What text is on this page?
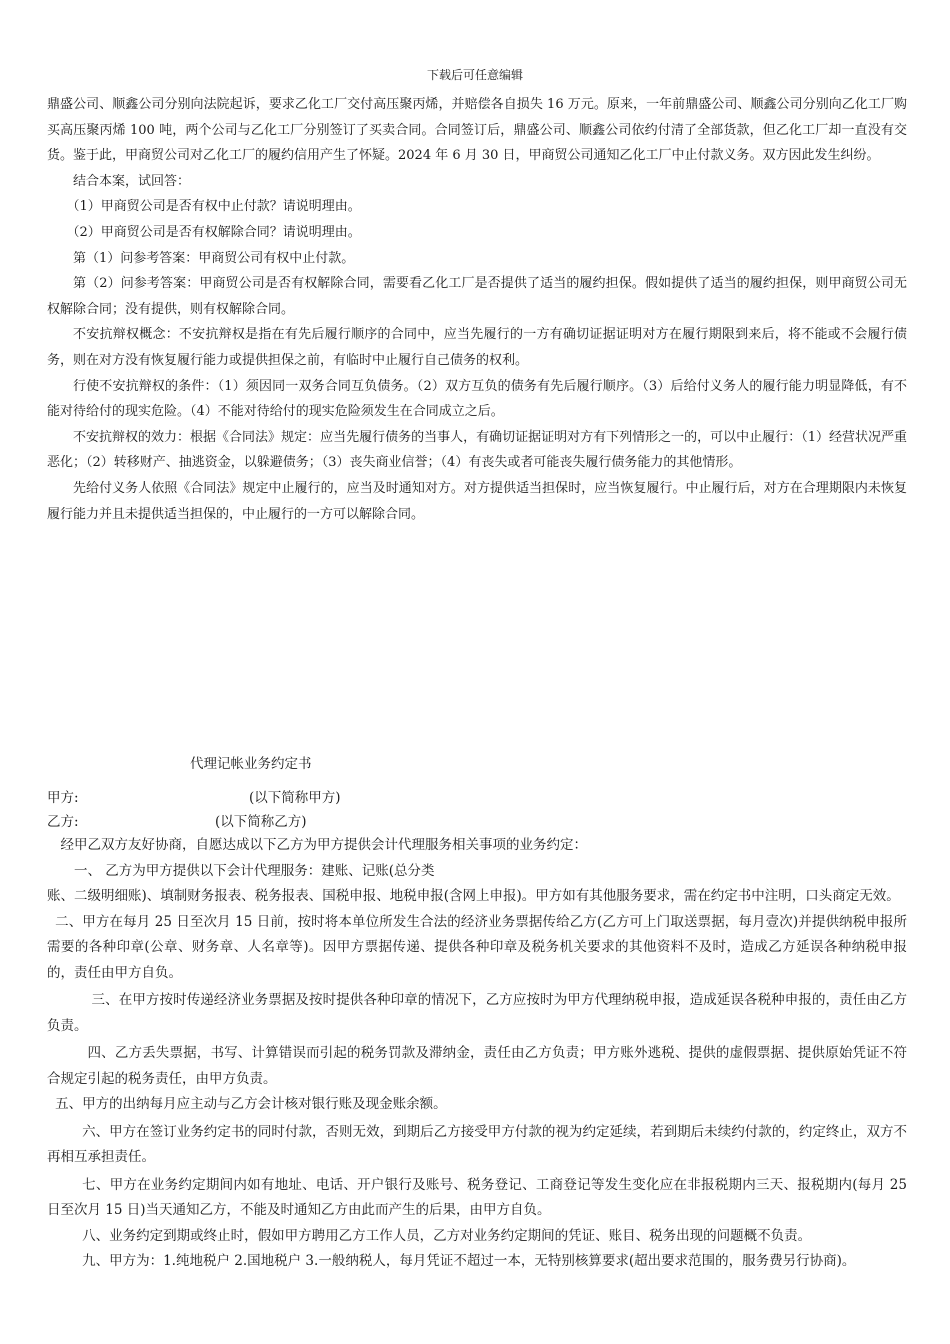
下载后可任意编辑

鼎盛公司、顺鑫公司分别向法院起诉，要求乙化工厂交付高压聚丙烯，并赔偿各自损失 16 万元。原来，一年前鼎盛公司、顺鑫公司分别向乙化工厂购买高压聚丙烯 100 吨，两个公司与乙化工厂分别签订了买卖合同。合同签订后，鼎盛公司、顺鑫公司依约付清了全部货款，但乙化工厂却一直没有交货。鉴于此，甲商贸公司对乙化工厂的履约信用产生了怀疑。2024 年 6 月 30 日，甲商贸公司通知乙化工厂中止付款义务。双方因此发生纠纷。

结合本案，试回答：

（1）甲商贸公司是否有权中止付款？请说明理由。

（2）甲商贸公司是否有权解除合同？请说明理由。

第（1）问参考答案：甲商贸公司有权中止付款。

第（2）问参考答案：甲商贸公司是否有权解除合同，需要看乙化工厂是否提供了适当的履约担保。假如提供了适当的履约担保，则甲商贸公司无权解除合同；没有提供，则有权解除合同。

不安抗辩权概念：不安抗辩权是指在有先后履行顺序的合同中，应当先履行的一方有确切证据证明对方在履行期限到来后，将不能或不会履行债务，则在对方没有恢复履行能力或提供担保之前，有临时中止履行自己债务的权利。

行使不安抗辩权的条件：（1）须因同一双务合同互负债务。（2）双方互负的债务有先后履行顺序。（3）后给付义务人的履行能力明显降低，有不能对待给付的现实危险。（4）不能对待给付的现实危险须发生在合同成立之后。

不安抗辩权的效力：根据《合同法》规定：应当先履行债务的当事人，有确切证据证明对方有下列情形之一的，可以中止履行：（1）经营状况严重恶化；（2）转移财产、抽逃资金，以躲避债务；（3）丧失商业信誉；（4）有丧失或者可能丧失履行债务能力的其他情形。

先给付义务人依照《合同法》规定中止履行的，应当及时通知对方。对方提供适当担保时，应当恢复履行。中止履行后，对方在合理期限内未恢复履行能力并且未提供适当担保的，中止履行的一方可以解除合同。

代理记帐业务约定书
甲方:	(以下简称甲方)
乙方:	(以下简称乙方)

经甲乙双方友好协商，自愿达成以下乙方为甲方提供会计代理服务相关事项的业务约定：

一、 乙方为甲方提供以下会计代理服务：建账、记账(总分类

账、二级明细账)、填制财务报表、税务报表、国税申报、地税申报(含网上申报)。甲方如有其他服务要求，需在约定书中注明，口头商定无效。

二、甲方在每月 25 日至次月 15 日前，按时将本单位所发生合法的经济业务票据传给乙方(乙方可上门取送票据，每月壹次)并提供纳税申报所需要的各种印章(公章、财务章、人名章等)。因甲方票据传递、提供各种印章及税务机关要求的其他资料不及时，造成乙方延误各种纳税申报的，责任由甲方自负。

三、在甲方按时传递经济业务票据及按时提供各种印章的情况下，乙方应按时为甲方代理纳税申报，造成延误各税种申报的，责任由乙方负责。

四、乙方丢失票据，书写、计算错误而引起的税务罚款及滞纳金，责任由乙方负责；甲方账外逃税、提供的虚假票据、提供原始凭证不符合规定引起的税务责任，由甲方负责。

五、甲方的出纳每月应主动与乙方会计核对银行账及现金账余额。

六、甲方在签订业务约定书的同时付款，否则无效，到期后乙方接受甲方付款的视为约定延续，若到期后未续约付款的，约定终止，双方不再相互承担责任。

七、甲方在业务约定期间内如有地址、电话、开户银行及账号、税务登记、工商登记等发生变化应在非报税期内三天、报税期内(每月 25 日至次月 15 日)当天通知乙方，不能及时通知乙方由此而产生的后果，由甲方自负。

八、业务约定到期或终止时，假如甲方聘用乙方工作人员，乙方对业务约定期间的凭证、账目、税务出现的问题概不负责。

九、甲方为：1.纯地税户 2.国地税户 3.一般纳税人，每月凭证不超过一本，无特别核算要求(超出要求范围的，服务费另行协商)。
